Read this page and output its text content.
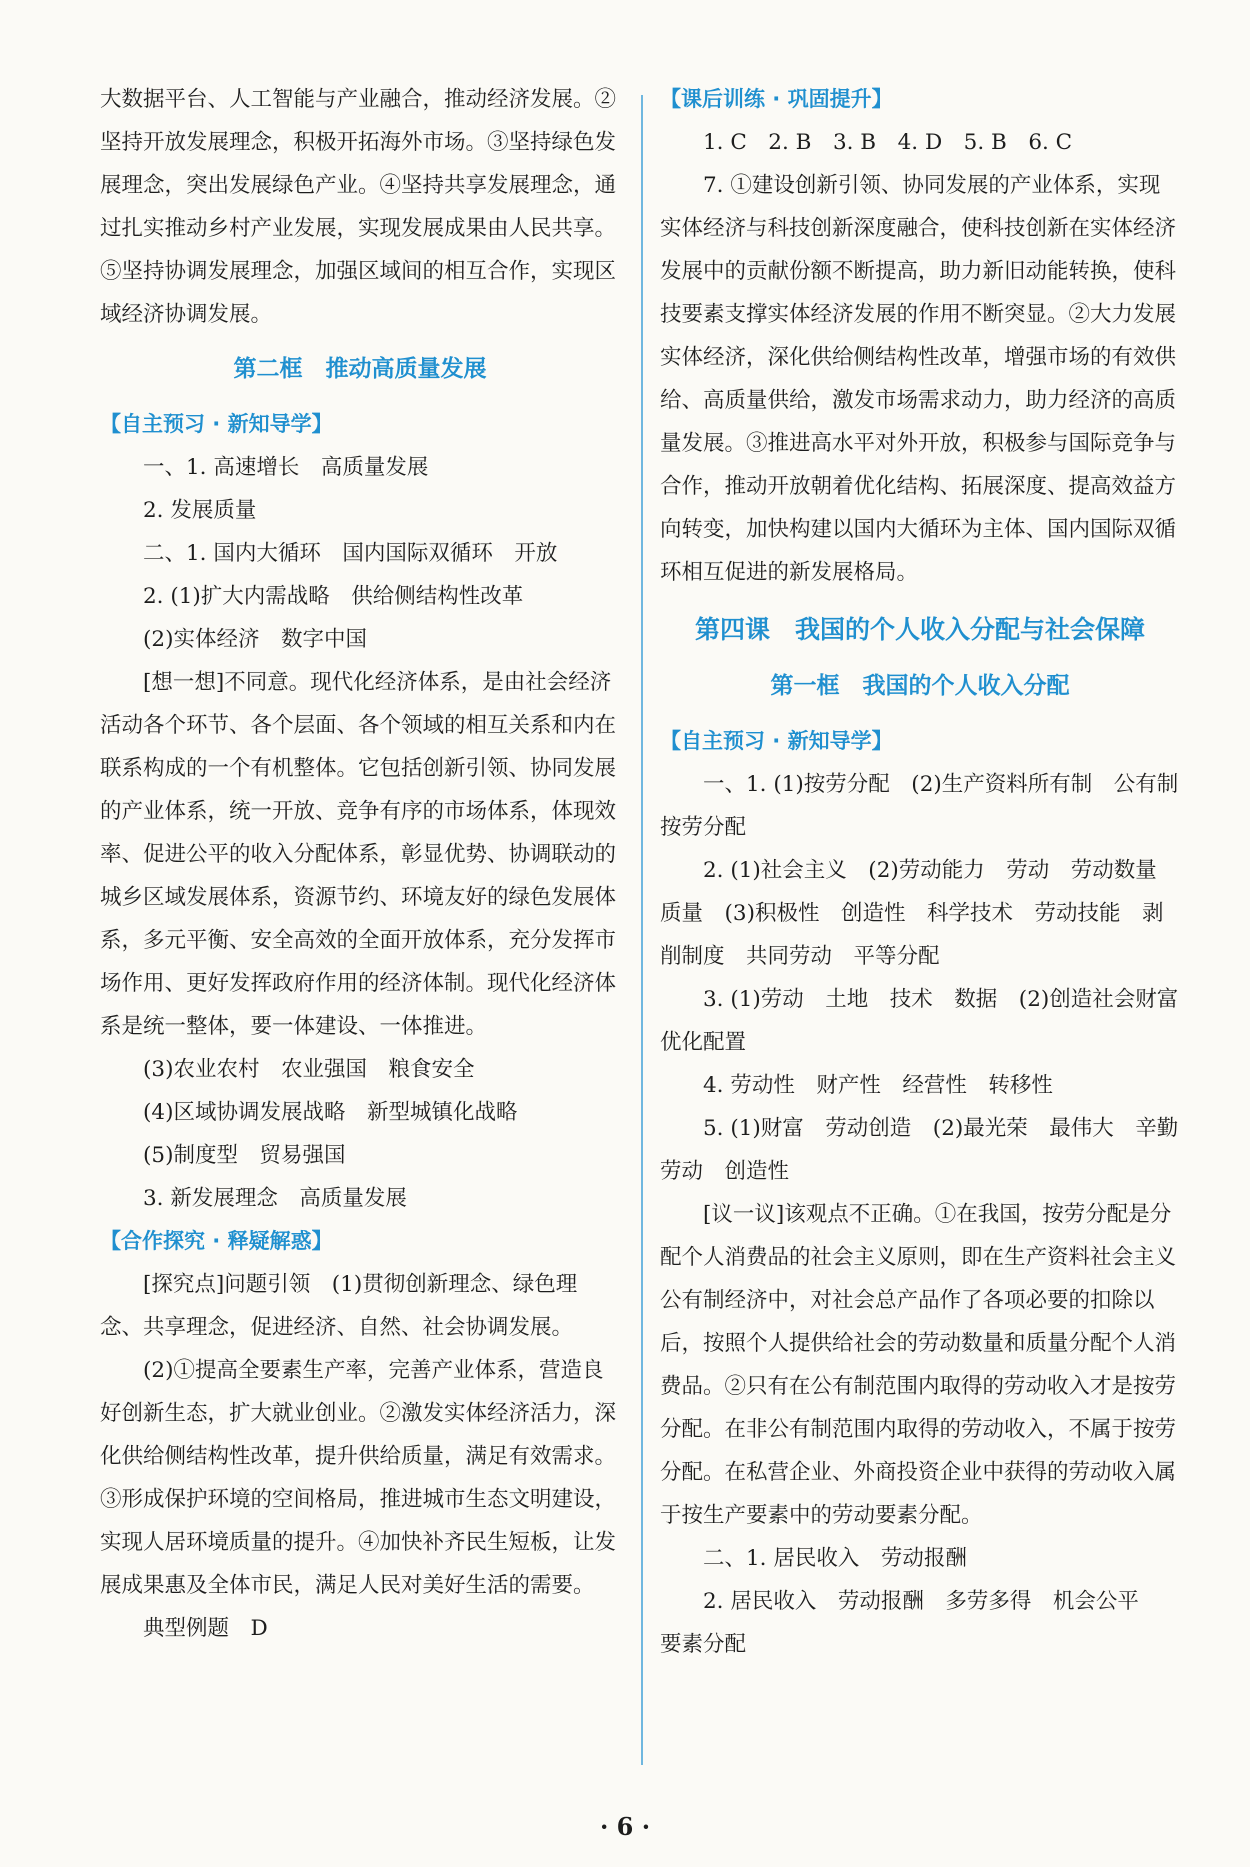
大数据平台、人工智能与产业融合，推动经济发展。②坚持开放发展理念，积极开拓海外市场。③坚持绿色发展理念，突出发展绿色产业。④坚持共享发展理念，通过扎实推动乡村产业发展，实现发展成果由人民共享。⑤坚持协调发展理念，加强区域间的相互合作，实现区域经济协调发展。

第二框　推动高质量发展

【自主预习 · 新知导学】

一、1. 高速增长　高质量发展

2. 发展质量

二、1. 国内大循环　国内国际双循环　开放

2. (1)扩大内需战略　供给侧结构性改革

(2)实体经济　数字中国

[想一想]不同意。现代化经济体系，是由社会经济活动各个环节、各个层面、各个领域的相互关系和内在联系构成的一个有机整体。它包括创新引领、协同发展的产业体系，统一开放、竞争有序的市场体系，体现效率、促进公平的收入分配体系，彰显优势、协调联动的城乡区域发展体系，资源节约、环境友好的绿色发展体系，多元平衡、安全高效的全面开放体系，充分发挥市场作用、更好发挥政府作用的经济体制。现代化经济体系是统一整体，要一体建设、一体推进。

(3)农业农村　农业强国　粮食安全

(4)区域协调发展战略　新型城镇化战略

(5)制度型　贸易强国

3. 新发展理念　高质量发展

【合作探究 · 释疑解惑】

[探究点]问题引领　(1)贯彻创新理念、绿色理念、共享理念，促进经济、自然、社会协调发展。

(2)①提高全要素生产率，完善产业体系，营造良好创新生态，扩大就业创业。②激发实体经济活力，深化供给侧结构性改革，提升供给质量，满足有效需求。③形成保护环境的空间格局，推进城市生态文明建设，实现人居环境质量的提升。④加快补齐民生短板，让发展成果惠及全体市民，满足人民对美好生活的需要。

典型例题　D

【课后训练 · 巩固提升】

1. C　2. B　3. B　4. D　5. B　6. C

7. ①建设创新引领、协同发展的产业体系，实现实体经济与科技创新深度融合，使科技创新在实体经济发展中的贡献份额不断提高，助力新旧动能转换，使科技要素支撑实体经济发展的作用不断突显。②大力发展实体经济，深化供给侧结构性改革，增强市场的有效供给、高质量供给，激发市场需求动力，助力经济的高质量发展。③推进高水平对外开放，积极参与国际竞争与合作，推动开放朝着优化结构、拓展深度、提高效益方向转变，加快构建以国内大循环为主体、国内国际双循环相互促进的新发展格局。

第四课　我国的个人收入分配与社会保障

第一框　我国的个人收入分配

【自主预习 · 新知导学】

一、1. (1)按劳分配　(2)生产资料所有制　公有制　按劳分配

2. (1)社会主义　(2)劳动能力　劳动　劳动数量　质量　(3)积极性　创造性　科学技术　劳动技能　剥削制度　共同劳动　平等分配

3. (1)劳动　土地　技术　数据　(2)创造社会财富　优化配置

4. 劳动性　财产性　经营性　转移性

5. (1)财富　劳动创造　(2)最光荣　最伟大　辛勤劳动　创造性

[议一议]该观点不正确。①在我国，按劳分配是分配个人消费品的社会主义原则，即在生产资料社会主义公有制经济中，对社会总产品作了各项必要的扣除以后，按照个人提供给社会的劳动数量和质量分配个人消费品。②只有在公有制范围内取得的劳动收入才是按劳分配。在非公有制范围内取得的劳动收入，不属于按劳分配。在私营企业、外商投资企业中获得的劳动收入属于按生产要素中的劳动要素分配。

二、1. 居民收入　劳动报酬

2. 居民收入　劳动报酬　多劳多得　机会公平　要素分配

· 6 ·
